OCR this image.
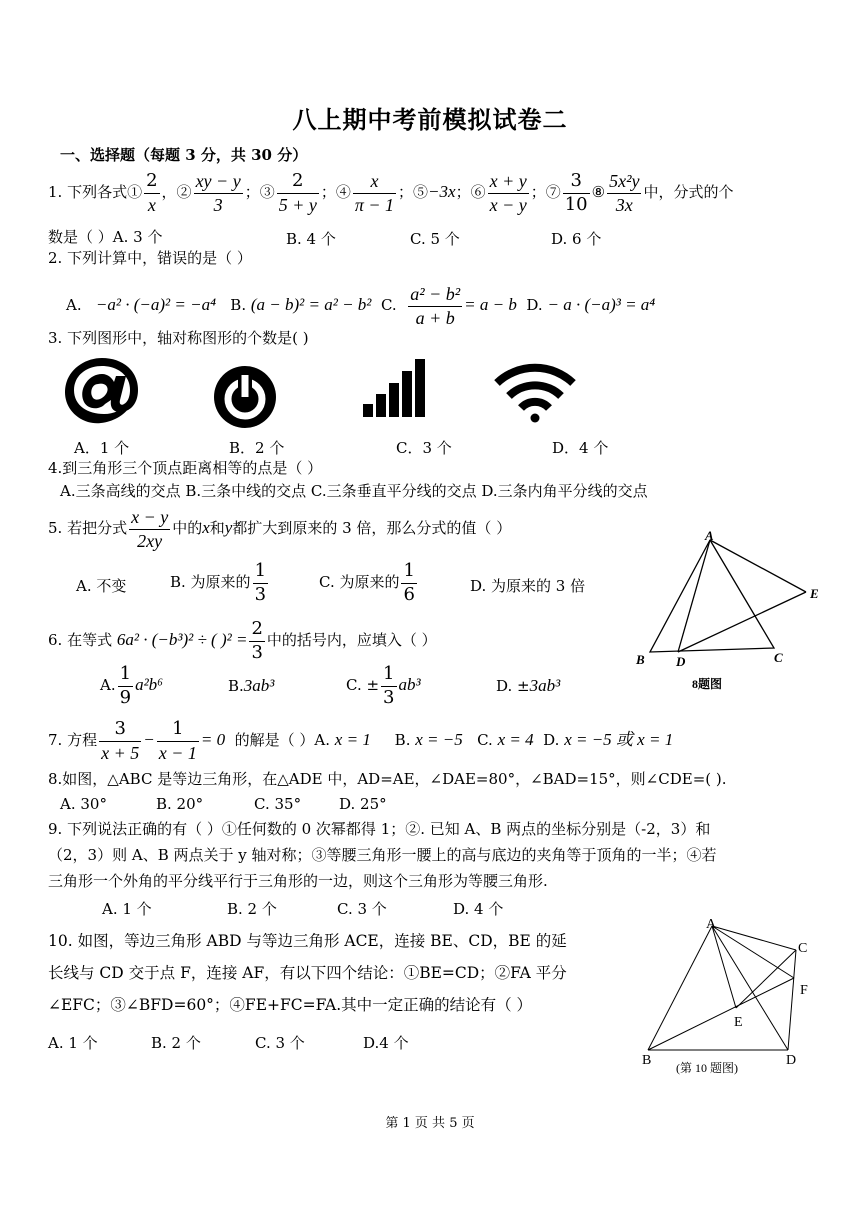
八上期中考前模拟试卷二
一、选择题（每题 3 分，共 30 分）
1. 下列各式① $\frac{2}{x}$ ，② $\frac{xy - y}{3}$ ；③ $\frac{2}{5 + y}$ ；④ $\frac{x}{\pi - 1}$ ；⑤−3x；⑥ $\frac{x + y}{x - y}$ ；⑦ $\frac{3}{10}$ ⑧ $\frac{\text{5x²y}}{3x}$ 中，分式的个
数是（ ）A. 3 个	B. 4 个	C. 5 个	D. 6 个
2. 下列计算中，错误的是（ ）
A. −a² · (−a)² = −a⁴ B. (a − b)² = a² − b² C. $\frac{\text{a² − b²}}{a + b} = a - b$ D. − a · (−a)³ = a⁴
3. 下列图形中，轴对称图形的个数是( )
A．1 个	B．2 个	C．3 个	D．4 个
4.到三角形三个顶点距离相等的点是（ ）
A.三条高线的交点 B.三条中线的交点 C.三条垂直平分线的交点 D.三条内角平分线的交点
5. 若把分式 $\frac{x - y}{2xy}$ 中的x和y都扩大到原来的 3 倍，那么分式的值（ ）
A. 不变	B. 为原来的 $\frac{1}{3}$	C. 为原来的 $\frac{1}{6}$	D. 为原来的 3 倍
A
B D	C
E
8题图
6. 在等式 6a² · (−b³)² ÷ ( )$^2 = \frac{2}{3}$ 中的括号内，应填入（ ）
A. $\frac{1}{9} a^2b^6$	B.3ab³	C. ± $\frac{1}{3} ab^3$	D. ±3ab³
7. 方程 $\frac{3}{x + 5} - \frac{1}{x - 1} = 0$ 的解是（ ）A. x = 1 B. x = −5 C. x = 4 D. x = −5 或 x = 1
8.如图，△ABC 是等边三角形，在△ADE 中，AD=AE，∠DAE=80°，∠BAD=15°，则∠CDE=( ).
A. 30°	B. 20°	C. 35°	D. 25°
9. 下列说法正确的有（ ）①任何数的 0 次幂都得 1；②. 已知 A、B 两点的坐标分别是（-2，3）和
（2，3）则 A、B 两点关于 y 轴对称；③等腰三角形一腰上的高与底边的夹角等于顶角的一半；④若
三角形一个外角的平分线平行于三角形的一边，则这个三角形为等腰三角形.
A. 1 个	B. 2 个	C. 3 个	D. 4 个
10. 如图，等边三角形 ABD 与等边三角形 ACE，连接 BE、CD，BE 的延
长线与 CD 交于点 F，连接 AF，有以下四个结论：①BE=CD；②FA 平分
∠EFC；③∠BFD=60°；④FE+FC=FA.其中一定正确的结论有（ ）
A. 1 个	B. 2 个	C. 3 个	D.4 个
A
C
F
E
B	D
(第 10 题图)
第 1 页 共 5 页
